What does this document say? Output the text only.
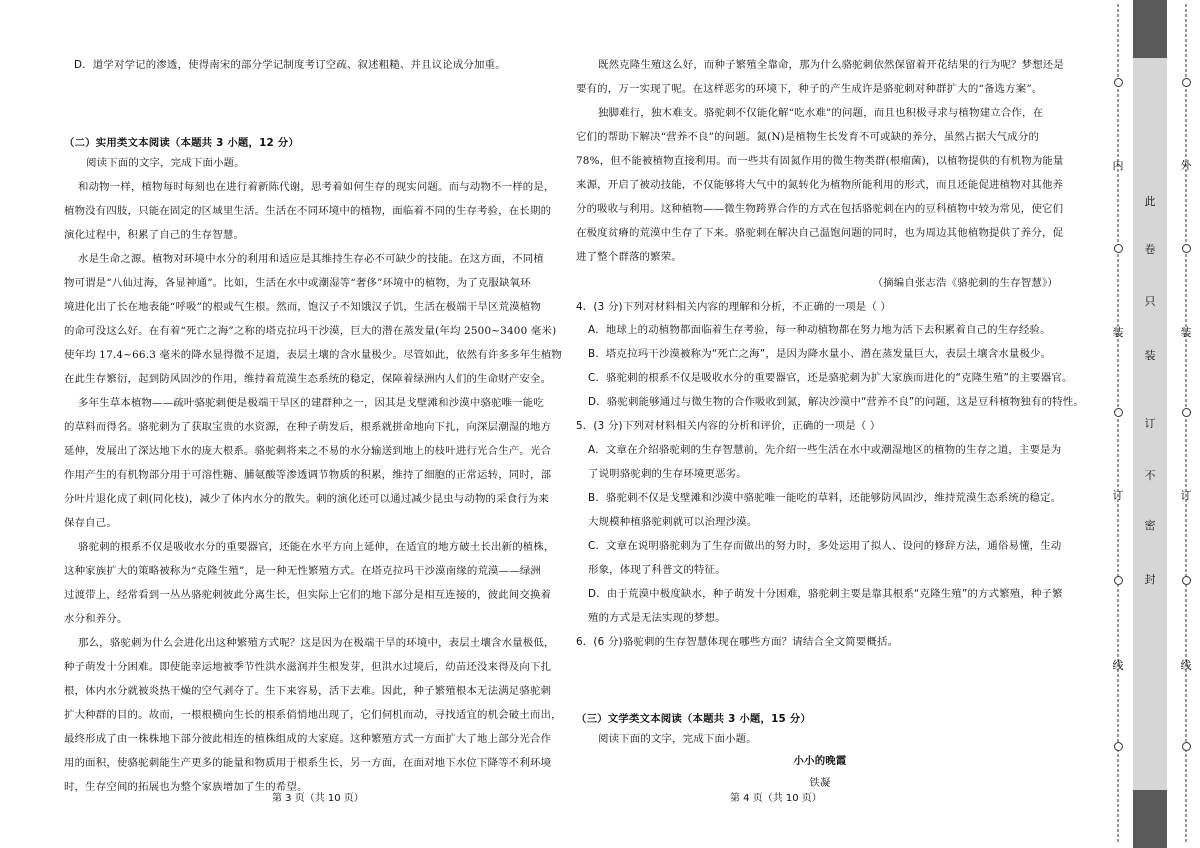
D．道学对学记的渗透，使得南宋的部分学记制度考订空疏、叙述粗糙、并且议论成分加重。
（二）实用类文本阅读（本题共 3 小题，12 分）
阅读下面的文字，完成下面小题。
和动物一样，植物每时每刻也在进行着新陈代谢，思考着如何生存的现实问题。而与动物不一样的是，
植物没有四肢，只能在固定的区域里生活。生活在不同环境中的植物，面临着不同的生存考验，在长期的
演化过程中，积累了自己的生存智慧。
水是生命之源。植物对环境中水分的利用和适应是其维持生存必不可缺少的技能。在这方面，不同植
物可谓是“八仙过海，各显神通”。比如，生活在水中或潮湿等“奢侈”环境中的植物，为了克服缺氧环
境进化出了长在地表能“呼吸”的根或气生根。然而，饱汉子不知饿汉子饥，生活在极端干旱区荒漠植物
的命可没这么好。在有着“死亡之海”之称的塔克拉玛干沙漠，巨大的潜在蒸发量(年均 2500~3400 毫米)
使年均 17.4~66.3 毫米的降水显得微不足道，表层土壤的含水量极少。尽管如此，依然有许多多年生植物
在此生存繁衍，起到防风固沙的作用，维持着荒漠生态系统的稳定，保障着绿洲内人们的生命财产安全。
多年生草本植物——疏叶骆驼刺便是极端干旱区的建群种之一，因其是戈壁滩和沙漠中骆驼唯一能吃
的草料而得名。骆驼刺为了获取宝贵的水资源，在种子萌发后，根系就拼命地向下扎，向深层潮湿的地方
延伸，发展出了深达地下水的庞大根系。骆驼刺将来之不易的水分输送到地上的枝叶进行光合生产。光合
作用产生的有机物部分用于可溶性糖、脯氨酸等渗透调节物质的积累，维持了细胞的正常运转，同时，部
分叶片退化成了刺(同化枝)，减少了体内水分的散失。刺的演化还可以通过减少昆虫与动物的采食行为来
保存自己。
骆驼刺的根系不仅是吸收水分的重要器官，还能在水平方向上延伸，在适宜的地方破土长出新的植株，
这种家族扩大的策略被称为“克隆生殖”，是一种无性繁殖方式。在塔克拉玛干沙漠南缘的荒漠——绿洲
过渡带上，经常看到一丛丛骆驼刺彼此分离生长，但实际上它们的地下部分是相互连接的，彼此间交换着
水分和养分。
那么，骆驼刺为什么会进化出这种繁殖方式呢？这是因为在极端干旱的环境中，表层土壤含水量极低，
种子萌发十分困难。即使能幸运地被季节性洪水滋润并生根发芽，但洪水过境后，幼苗还没来得及向下扎
根，体内水分就被炎热干燥的空气剥夺了。生下来容易，活下去难。因此，种子繁殖根本无法满足骆驼刺
扩大种群的目的。故而，一根根横向生长的根系俏悄地出现了，它们伺机而动，寻找适宜的机会破土而出，
最终形成了由一株株地下部分彼此相连的植株组成的大家庭。这种繁殖方式一方面扩大了地上部分光合作
用的面积，使骆驼刺能生产更多的能量和物质用于根系生长，另一方面，在面对地下水位下降等不利环境
时，生存空间的拓展也为整个家族增加了生的希望。
既然克隆生殖这么好，而种子繁殖全靠命，那为什么骆驼刺依然保留着开花结果的行为呢？梦想还是
要有的，万一实现了呢。在这样恶劣的环境下，种子的产生成许是骆驼刺对种群扩大的“备选方案”。
独脚难行，独木难支。骆驼刺不仅能化解“吃水难”的问题，而且也积极寻求与植物建立合作，在
它们的帮助下解决“营养不良”的问题。氮(N)是植物生长发育不可或缺的养分，虽然占据大气成分的
78%，但不能被植物直接利用。而一些共有固氮作用的微生物类群(根瘤菌)，以植物提供的有机物为能量
来源，开启了被动技能，不仅能够将大气中的氮转化为植物所能利用的形式，而且还能促进植物对其他养
分的吸收与利用。这种植物——微生物跨界合作的方式在包括骆驼刺在内的豆科植物中较为常见，使它们
在极度贫瘠的荒漠中生存了下来。骆驼刺在解决自己温饱问题的同时，也为周边其他植物提供了养分，促
进了整个群落的繁荣。
（摘编自张志浩《骆驼刺的生存智慧》）
4．(3 分)下列对材料相关内容的理解和分析，不正确的一项是（ ）
A．地球上的动植物都面临着生存考验，每一种动植物都在努力地为活下去积累着自己的生存经验。
B．塔克拉玛干沙漠被称为“死亡之海”，是因为降水量小、潜在蒸发量巨大，表层土壤含水量极少。
C．骆驼刺的根系不仅是吸收水分的重要器官，还是骆驼刺为扩大家族而进化的“克隆生殖”的主要器官。
D．骆驼刺能够通过与微生物的合作吸收到氮，解决沙漠中“营养不良”的问题，这是豆科植物独有的特性。
5．(3 分)下列对材料相关内容的分析和评价，正确的一项是（ ）
A．文章在介绍骆驼刺的生存智慧前，先介绍一些生活在水中或潮湿地区的植物的生存之道，主要是为
了说明骆驼刺的生存环境更恶劣。
B．骆驼刺不仅是戈壁滩和沙漠中骆驼唯一能吃的草料，还能够防风固沙，维持荒漠生态系统的稳定。
大规模种植骆驼刺就可以治理沙漠。
C．文章在说明骆驼刺为了生存而做出的努力时，多处运用了拟人、设问的修辞方法，通俗易懂，生动
形象，体现了科普文的特征。
D．由于荒漠中极度缺水，种子萌发十分困难，骆驼刺主要是靠其根系“克隆生殖”的方式繁殖，种子繁
殖的方式是无法实现的梦想。
6．(6 分)骆驼刺的生存智慧体现在哪些方面？请结合全文简要概括。
（三）文学类文本阅读（本题共 3 小题，15 分）
阅读下面的文字，完成下面小题。
小小的晚霞
铁凝
第 3 页（共 10 页）	第 4 页（共 10 页）
内
装
订
线
外
装
订
线
此
卷
只
装
订
不
密
封
